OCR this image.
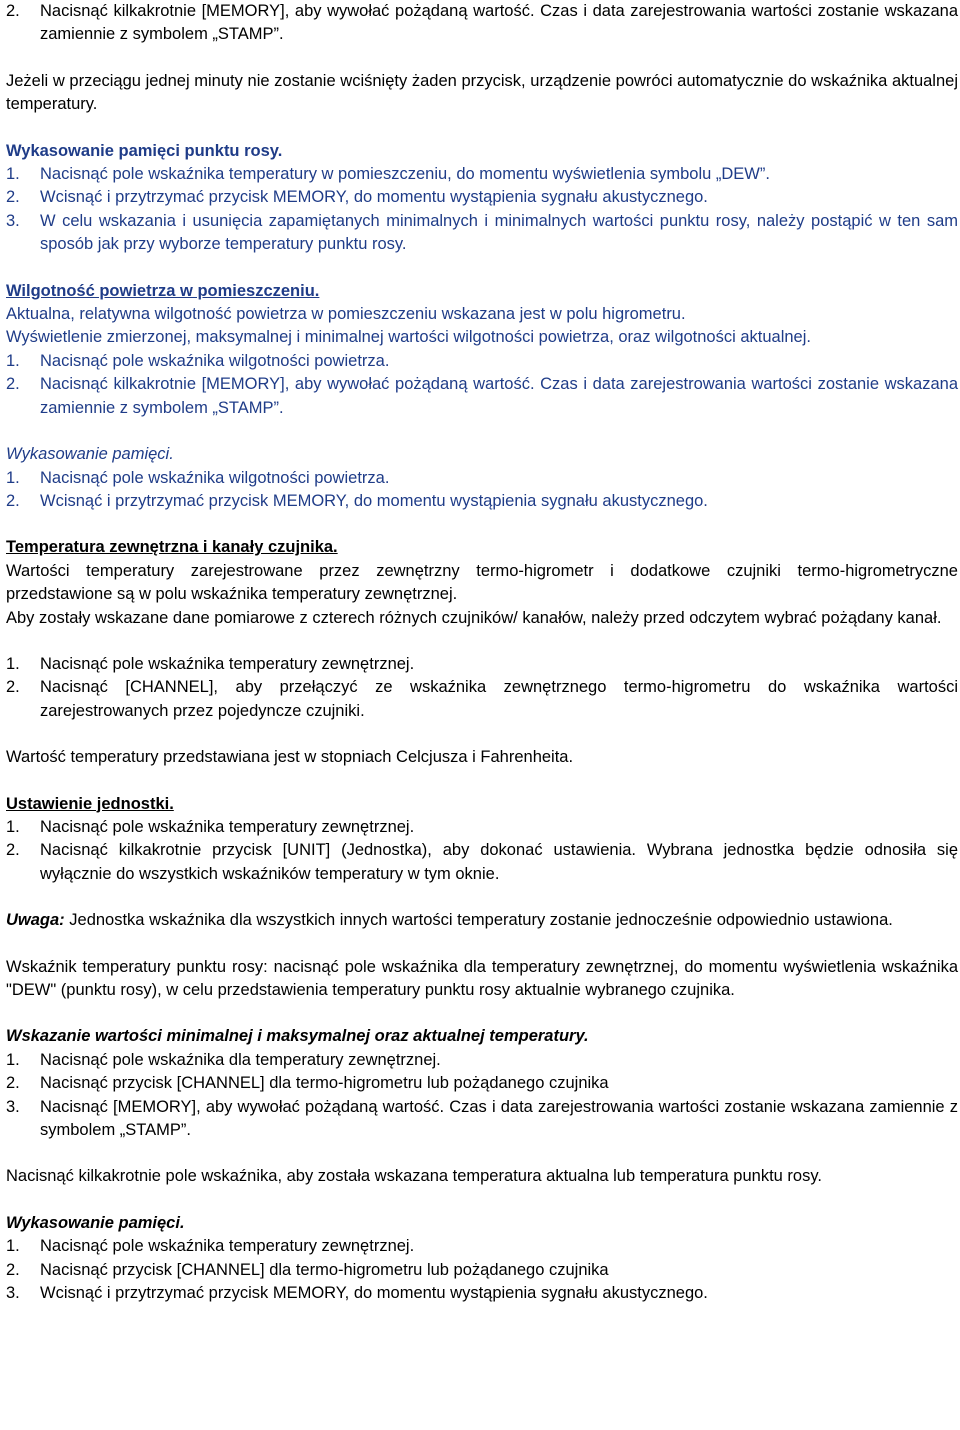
2.	Nacisnąć kilkakrotnie [MEMORY], aby wywołać pożądaną wartość. Czas i data zarejestrowania wartości zostanie wskazana zamiennie z symbolem „STAMP”.

Jeżeli w przeciągu jednej minuty nie zostanie wciśnięty żaden przycisk, urządzenie powróci automatycznie do wskaźnika aktualnej temperatury.

Wykasowanie pamięci punktu rosy.

1.	Nacisnąć pole wskaźnika temperatury w pomieszczeniu, do momentu wyświetlenia symbolu „DEW”.
2.	Wcisnąć i przytrzymać przycisk MEMORY, do momentu wystąpienia sygnału akustycznego.
3.	W celu wskazania i usunięcia zapamiętanych minimalnych i minimalnych wartości punktu rosy, należy postąpić w ten sam sposób jak przy wyborze temperatury punktu rosy.

Wilgotność powietrza w pomieszczeniu.

Aktualna, relatywna wilgotność powietrza w pomieszczeniu wskazana jest w polu higrometru.

Wyświetlenie zmierzonej, maksymalnej i minimalnej wartości wilgotności powietrza, oraz wilgotności aktualnej.

1.	Nacisnąć pole wskaźnika wilgotności powietrza.
2.	Nacisnąć kilkakrotnie [MEMORY], aby wywołać pożądaną wartość. Czas i data zarejestrowania wartości zostanie wskazana zamiennie z symbolem „STAMP”.

Wykasowanie pamięci.

1.	Nacisnąć pole wskaźnika wilgotności powietrza.
2.	Wcisnąć i przytrzymać przycisk MEMORY, do momentu wystąpienia sygnału akustycznego.

Temperatura zewnętrzna i kanały czujnika.

Wartości temperatury zarejestrowane przez zewnętrzny termo-higrometr i dodatkowe czujniki termo-higrometryczne przedstawione są w polu wskaźnika temperatury zewnętrznej.

Aby zostały wskazane dane pomiarowe z czterech różnych czujników/ kanałów, należy przed odczytem wybrać pożądany kanał.

1.	Nacisnąć pole wskaźnika temperatury zewnętrznej.
2.	Nacisnąć [CHANNEL], aby przełączyć ze wskaźnika zewnętrznego termo-higrometru do wskaźnika wartości zarejestrowanych przez pojedyncze czujniki.

Wartość temperatury przedstawiana jest w stopniach Celcjusza i Fahrenheita.

Ustawienie jednostki.

1.	Nacisnąć pole wskaźnika temperatury zewnętrznej.
2.	Nacisnąć kilkakrotnie przycisk [UNIT] (Jednostka), aby dokonać ustawienia. Wybrana jednostka będzie odnosiła się wyłącznie do wszystkich wskaźników temperatury w tym oknie.

Uwaga: Jednostka wskaźnika dla wszystkich innych wartości temperatury zostanie jednocześnie odpowiednio ustawiona.

Wskaźnik temperatury punktu rosy: nacisnąć pole wskaźnika dla temperatury zewnętrznej, do momentu wyświetlenia wskaźnika "DEW" (punktu rosy), w celu przedstawienia temperatury punktu rosy aktualnie wybranego czujnika.

Wskazanie wartości minimalnej i maksymalnej oraz aktualnej temperatury.

1.	Nacisnąć pole wskaźnika dla temperatury zewnętrznej.
2.	Nacisnąć przycisk [CHANNEL] dla termo-higrometru lub pożądanego czujnika
3.	Nacisnąć [MEMORY], aby wywołać pożądaną wartość. Czas i data zarejestrowania wartości zostanie wskazana zamiennie z symbolem „STAMP”.

Nacisnąć kilkakrotnie pole wskaźnika, aby została wskazana temperatura aktualna lub temperatura punktu rosy.

Wykasowanie pamięci.

1.	Nacisnąć pole wskaźnika temperatury zewnętrznej.
2.	Nacisnąć przycisk [CHANNEL] dla termo-higrometru lub pożądanego czujnika
3.	Wcisnąć i przytrzymać przycisk MEMORY, do momentu wystąpienia sygnału akustycznego.
